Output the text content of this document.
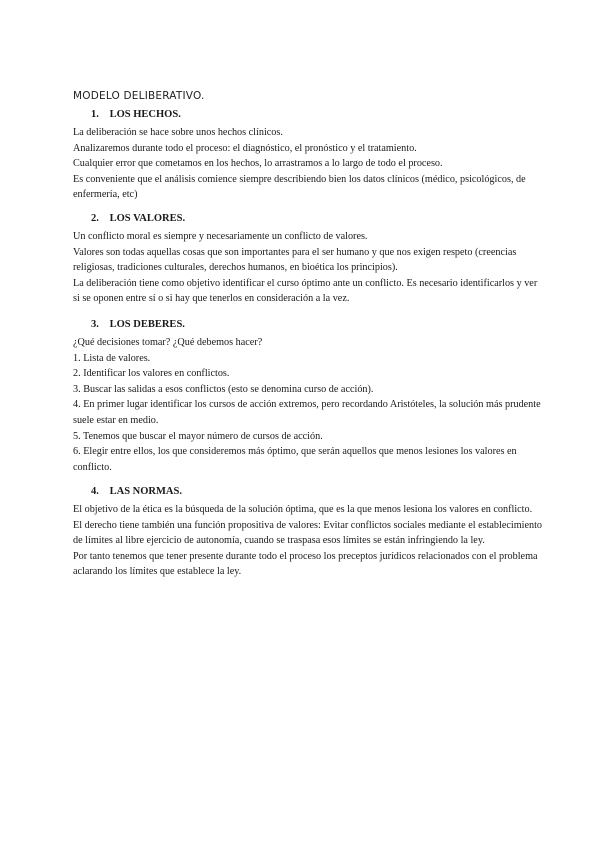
MODELO DELIBERATIVO.
1. LOS HECHOS.

La deliberación se hace sobre unos hechos clínicos.

Analizaremos durante todo el proceso: el diagnóstico, el pronóstico y el tratamiento.

Cualquier error que cometamos en los hechos, lo arrastramos a lo largo de todo el proceso.

Es conveniente que el análisis comience siempre describiendo bien los datos clínicos (médico, psicológicos, de enfermería, etc)

2. LOS VALORES.

Un conflicto moral es siempre y necesariamente un conflicto de valores.

Valores son todas aquellas cosas que son importantes para el ser humano y que nos exigen respeto (creencias religiosas, tradiciones culturales, derechos humanos, en bioética los principios).

La deliberación tiene como objetivo identificar el curso óptimo ante un conflicto. Es necesario identificarlos y ver si se oponen entre sí o si hay que tenerlos en consideración a la vez.

3. LOS DEBERES.

¿Qué decisiones tomar? ¿Qué debemos hacer?

1. Lista de valores.

2. Identificar los valores en conflictos.

3. Buscar las salidas a esos conflictos (esto se denomina curso de acción).

4. En primer lugar identificar los cursos de acción extremos, pero recordando Aristóteles, la solución más prudente suele estar en medio.

5. Tenemos que buscar el mayor número de cursos de acción.

6. Elegir entre ellos, los que consideremos más óptimo, que serán aquellos que menos lesiones los valores en conflicto.

4. LAS NORMAS.

El objetivo de la ética es la búsqueda de la solución óptima, que es la que menos lesiona los valores en conflicto.

El derecho tiene también una función propositiva de valores: Evitar conflictos sociales mediante el establecimiento de límites al libre ejercicio de autonomía, cuando se traspasa esos límites se están infringiendo la ley.

Por tanto tenemos que tener presente durante todo el proceso los preceptos jurídicos relacionados con el problema aclarando los límites que establece la ley.
